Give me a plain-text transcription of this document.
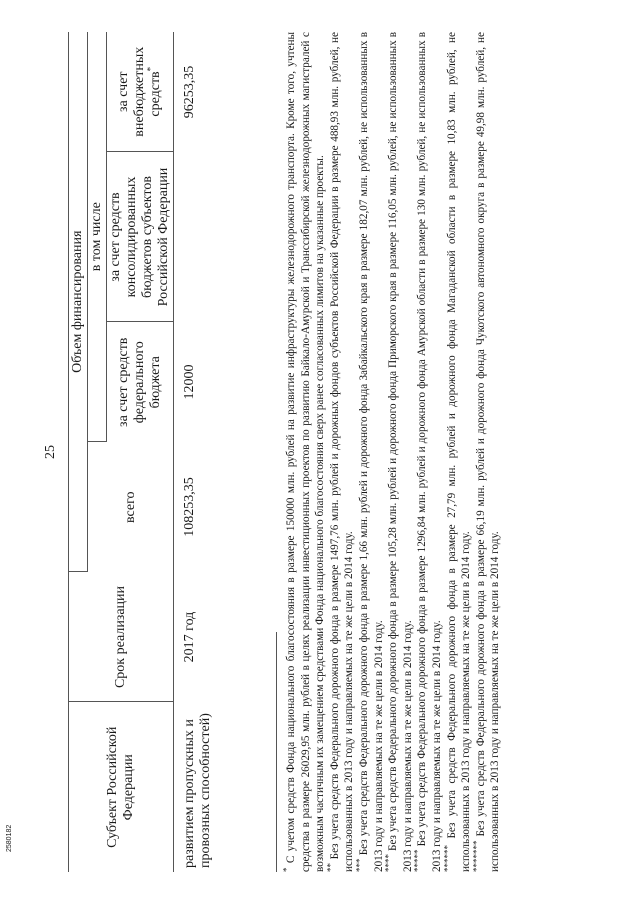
25
Субъект Российской Федерации	Срок реализации	Объем финансирования			
		всего	в том числе		
			за счет средств федерального бюджета	за счет средств консолидированных бюджетов субъектов Российской Федерации	за счет внебюджетных средств*
развитием пропускных и провозных способностей)	2017 год	108253,35	12000		96253,35

* С учетом средств Фонда национального благосостояния в размере 150000 млн. рублей на развитие инфраструктуры железнодорожного транспорта. Кроме того, учтены средства в размере 26029,95 млн. рублей в целях реализации инвестиционных проектов по развитию Байкало-Амурской и Транссибирской железнодорожных магистралей с возможным частичным их замещением средствами Фонда национального благосостояния сверх ранее согласованных лимитов на указанные проекты.

** Без учета средств Федерального дорожного фонда в размере 1497,76 млн. рублей и дорожных фондов субъектов Российской Федерации в размере 488,93 млн. рублей, не использованных в 2013 году и направляемых на те же цели в 2014 году.

*** Без учета средств Федерального дорожного фонда в размере 1,66 млн. рублей и дорожного фонда Забайкальского края в размере 182,07 млн. рублей, не использованных в 2013 году и направляемых на те же цели в 2014 году.

**** Без учета средств Федерального дорожного фонда в размере 105,28 млн. рублей и дорожного фонда Приморского края в размере 116,05 млн. рублей, не использованных в 2013 году и направляемых на те же цели в 2014 году.

***** Без учета средств Федерального дорожного фонда в размере 1296,84 млн. рублей и дорожного фонда Амурской области в размере 130 млн. рублей, не использованных в 2013 году и направляемых на те же цели в 2014 году.

****** Без учета средств Федерального дорожного фонда в размере 27,79 млн. рублей и дорожного фонда Магаданской области в размере 10,83 млн. рублей, не использованных в 2013 году и направляемых на те же цели в 2014 году.

******* Без учета средств Федерального дорожного фонда в размере 66,19 млн. рублей и дорожного фонда Чукотского автономного округа в размере 49,98 млн. рублей, не использованных в 2013 году и направляемых на те же цели в 2014 году.

2580182
